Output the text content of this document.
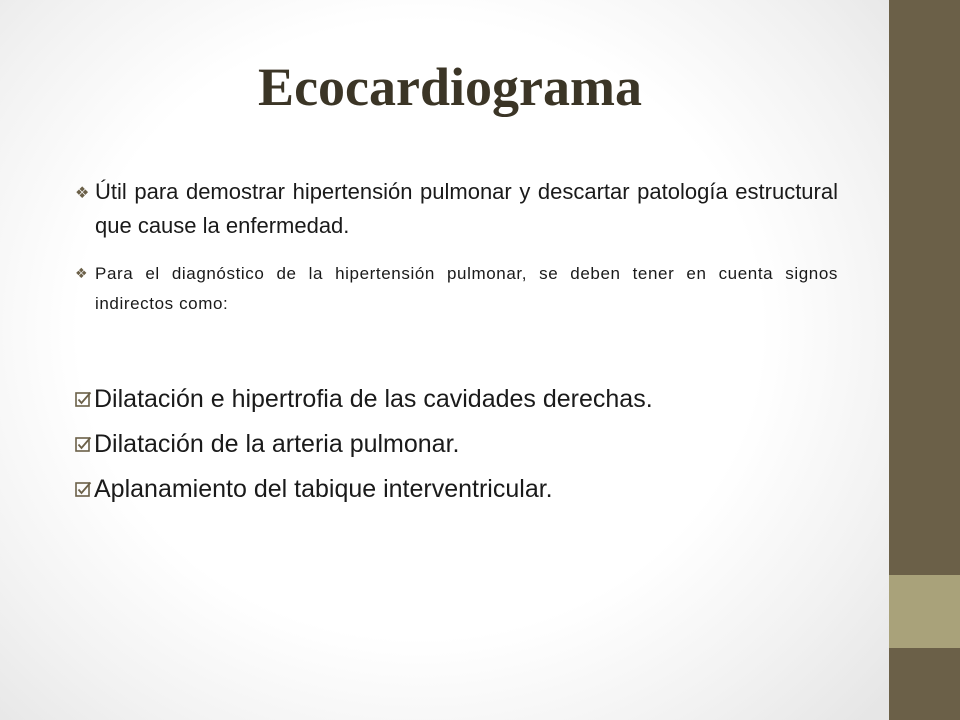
Ecocardiograma
❖ Útil para demostrar hipertensión pulmonar y descartar patología estructural que cause la enfermedad.
❖ Para el diagnóstico de la hipertensión pulmonar, se deben tener en cuenta signos indirectos como:
Dilatación e hipertrofia de las cavidades derechas.
Dilatación de la arteria pulmonar.
Aplanamiento del tabique interventricular.
